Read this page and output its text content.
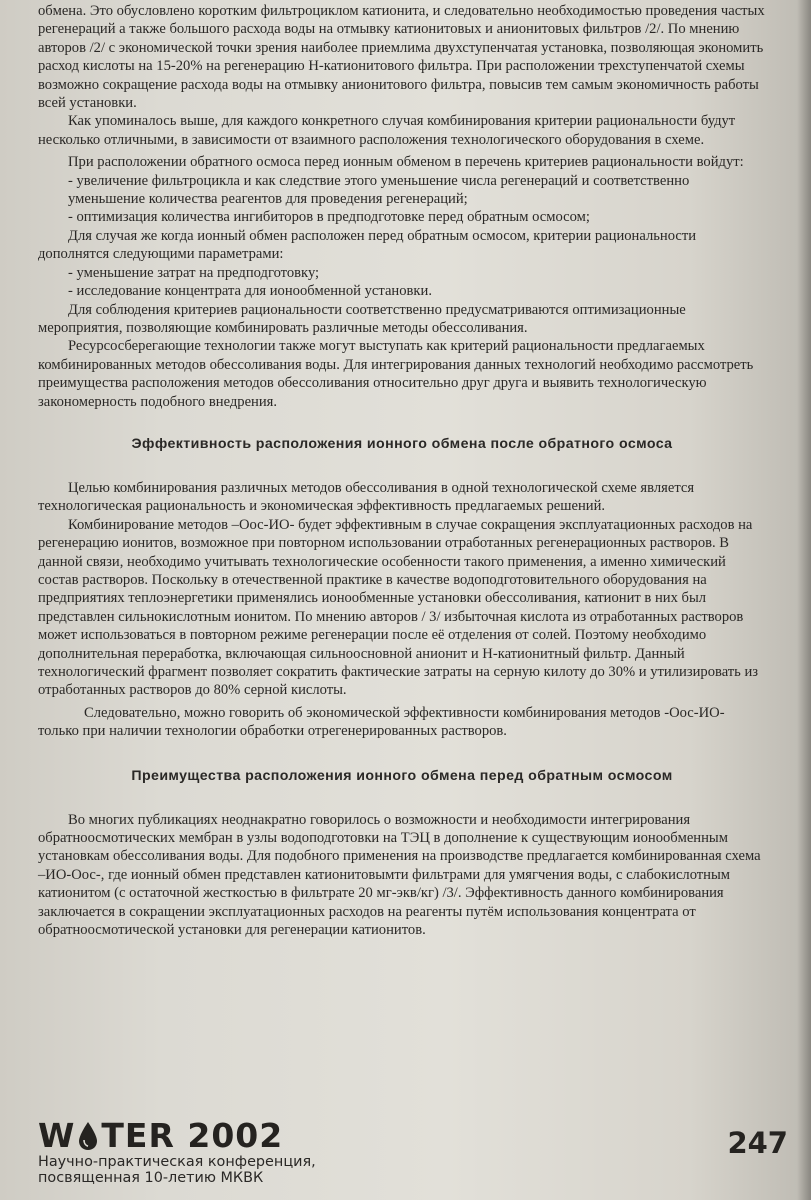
обмена. Это обусловлено коротким фильтроциклом катионита, и следовательно необходимостью проведения частых регенераций а также большого расхода воды на отмывку катионитовых и анионитовых фильтров /2/. По мнению авторов /2/ с экономической точки зрения наиболее приемлима двухступенчатая установка, позволяющая экономить расход кислоты на 15-20% на регенерацию Н-катионитового фильтра. При расположении трехступенчатой схемы возможно сокращение расхода воды на отмывку анионитового фильтра, повысив тем самым экономичность работы всей установки.

Как упоминалось выше, для каждого конкретного случая комбинирования критерии рациональности будут несколько отличными, в зависимости от взаимного расположения технологического оборудования в схеме.

При расположении обратного осмоса перед ионным обменом в перечень критериев рациональности войдут:

- увеличение фильтроцикла и как следствие этого уменьшение числа регенераций и соответственно уменьшение количества реагентов для проведения регенераций;

- оптимизация количества ингибиторов в предподготовке перед обратным осмосом;

Для случая же когда ионный обмен расположен перед обратным осмосом, критерии рациональности дополнятся следующими параметрами:

- уменьшение затрат на предподготовку;

- исследование концентрата для ионообменной установки.

Для соблюдения критериев рациональности соответственно предусматриваются оптимизационные мероприятия, позволяющие комбинировать различные методы обессоливания.

Ресурсосберегающие технологии также могут выступать как критерий рациональности предлагаемых комбинированных методов обессоливания воды. Для интегрирования данных технологий необходимо рассмотреть преимущества расположения методов обессоливания относительно друг друга и выявить технологическую закономерность подобного внедрения.

Эффективность расположения ионного обмена после обратного осмоса

Целью комбинирования различных методов обессоливания в одной технологической схеме является технологическая рациональность и экономическая эффективность предлагаемых решений.

Комбинирование методов –Оос-ИО- будет эффективным в случае сокращения эксплуатационных расходов на регенерацию ионитов, возможное при повторном использовании отработанных регенерационных растворов. В данной связи, необходимо учитывать технологические особенности такого применения, а именно химический состав растворов. Поскольку в отечественной практике в качестве водоподготовительного оборудования на предприятиях теплоэнергетики применялись ионообменные установки обессоливания, катионит в них был представлен сильнокислотным ионитом. По мнению авторов / 3/ избыточная кислота из отработанных растворов может использоваться в повторном режиме регенерации после её отделения от солей. Поэтому необходимо дополнительная переработка, включающая сильноосновной анионит и Н-катионитный фильтр. Данный технологический фрагмент позволяет сократить фактические затраты на серную килоту до 30% и утилизировать из отработанных растворов до 80% серной кислоты.

Следовательно, можно говорить об экономической эффективности комбинирования методов -Оос-ИО- только при наличии технологии обработки отрегенерированных растворов.

Преимущества расположения ионного обмена перед обратным осмосом

Во многих публикациях неоднакратно говорилось о возможности и необходимости интегрирования обратноосмотических мембран в узлы водоподготовки на ТЭЦ в дополнение к существующим ионообменным установкам обессоливания воды. Для подобного применения на производстве предлагается комбинированная схема –ИО-Оос-, где ионный обмен представлен катионитовымти фильтрами для умягчения воды, с слабокислотным катионитом (с остаточной жесткостью в фильтрате 20 мг-экв/кг) /3/. Эффективность данного комбинирования заключается в сокращении эксплуатационных расходов на реагенты путём использования концентрата от обратноосмотической установки для регенерации катионитов.

W TER 2002
Научно-практическая конференция,
посвященная 10-летию МКВК
247
